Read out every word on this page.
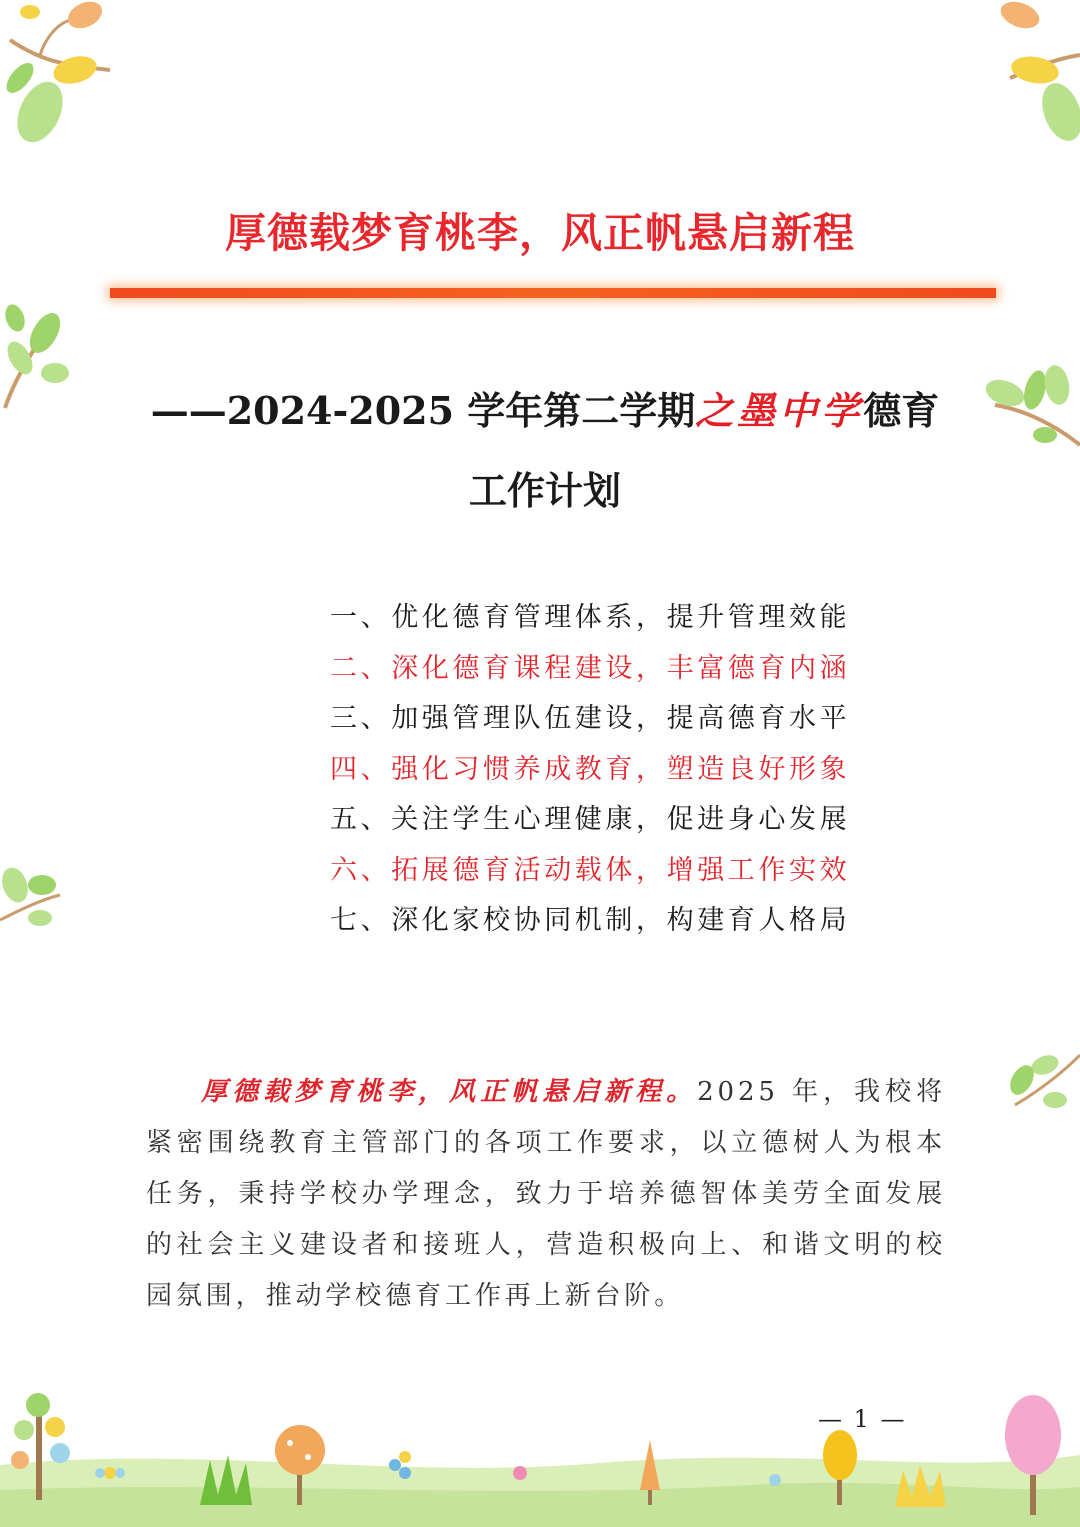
厚德载梦育桃李，风正帆悬启新程
——2024-2025 学年第二学期之墨中学德育
工作计划
一、优化德育管理体系，提升管理效能
二、深化德育课程建设，丰富德育内涵
三、加强管理队伍建设，提高德育水平
四、强化习惯养成教育，塑造良好形象
五、关注学生心理健康，促进身心发展
六、拓展德育活动载体，增强工作实效
七、深化家校协同机制，构建育人格局

厚德载梦育桃李，风正帆悬启新程。2025 年，我校将紧密围绕教育主管部门的各项工作要求，以立德树人为根本任务，秉持学校办学理念，致力于培养德智体美劳全面发展的社会主义建设者和接班人，营造积极向上、和谐文明的校园氛围，推动学校德育工作再上新台阶。

— 1 —
